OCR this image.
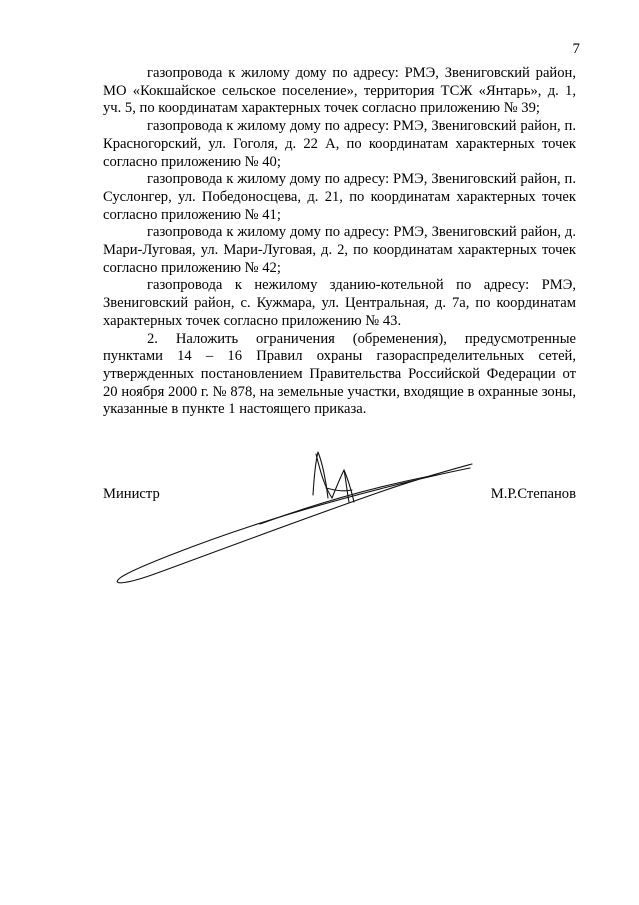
7

газопровода к жилому дому по адресу: РМЭ, Звениговский район, МО «Кокшайское сельское поселение», территория ТСЖ «Янтарь», д. 1, уч. 5, по координатам характерных точек согласно приложению № 39;

газопровода к жилому дому по адресу: РМЭ, Звениговский район, п. Красногорский, ул. Гоголя, д. 22 А, по координатам характерных точек согласно приложению № 40;

газопровода к жилому дому по адресу: РМЭ, Звениговский район, п. Суслонгер, ул. Победоносцева, д. 21, по координатам характерных точек согласно приложению № 41;

газопровода к жилому дому по адресу: РМЭ, Звениговский район, д. Мари-Луговая, ул. Мари-Луговая, д. 2, по координатам характерных точек согласно приложению № 42;

газопровода к нежилому зданию-котельной по адресу: РМЭ, Звениговский район, с. Кужмара, ул. Центральная, д. 7а, по координатам характерных точек согласно приложению № 43.

2. Наложить ограничения (обременения), предусмотренные пунктами 14 – 16 Правил охраны газораспределительных сетей, утвержденных постановлением Правительства Российской Федерации от 20 ноября 2000 г. № 878, на земельные участки, входящие в охранные зоны, указанные в пункте 1 настоящего приказа.

Министр	М.Р.Степанов
